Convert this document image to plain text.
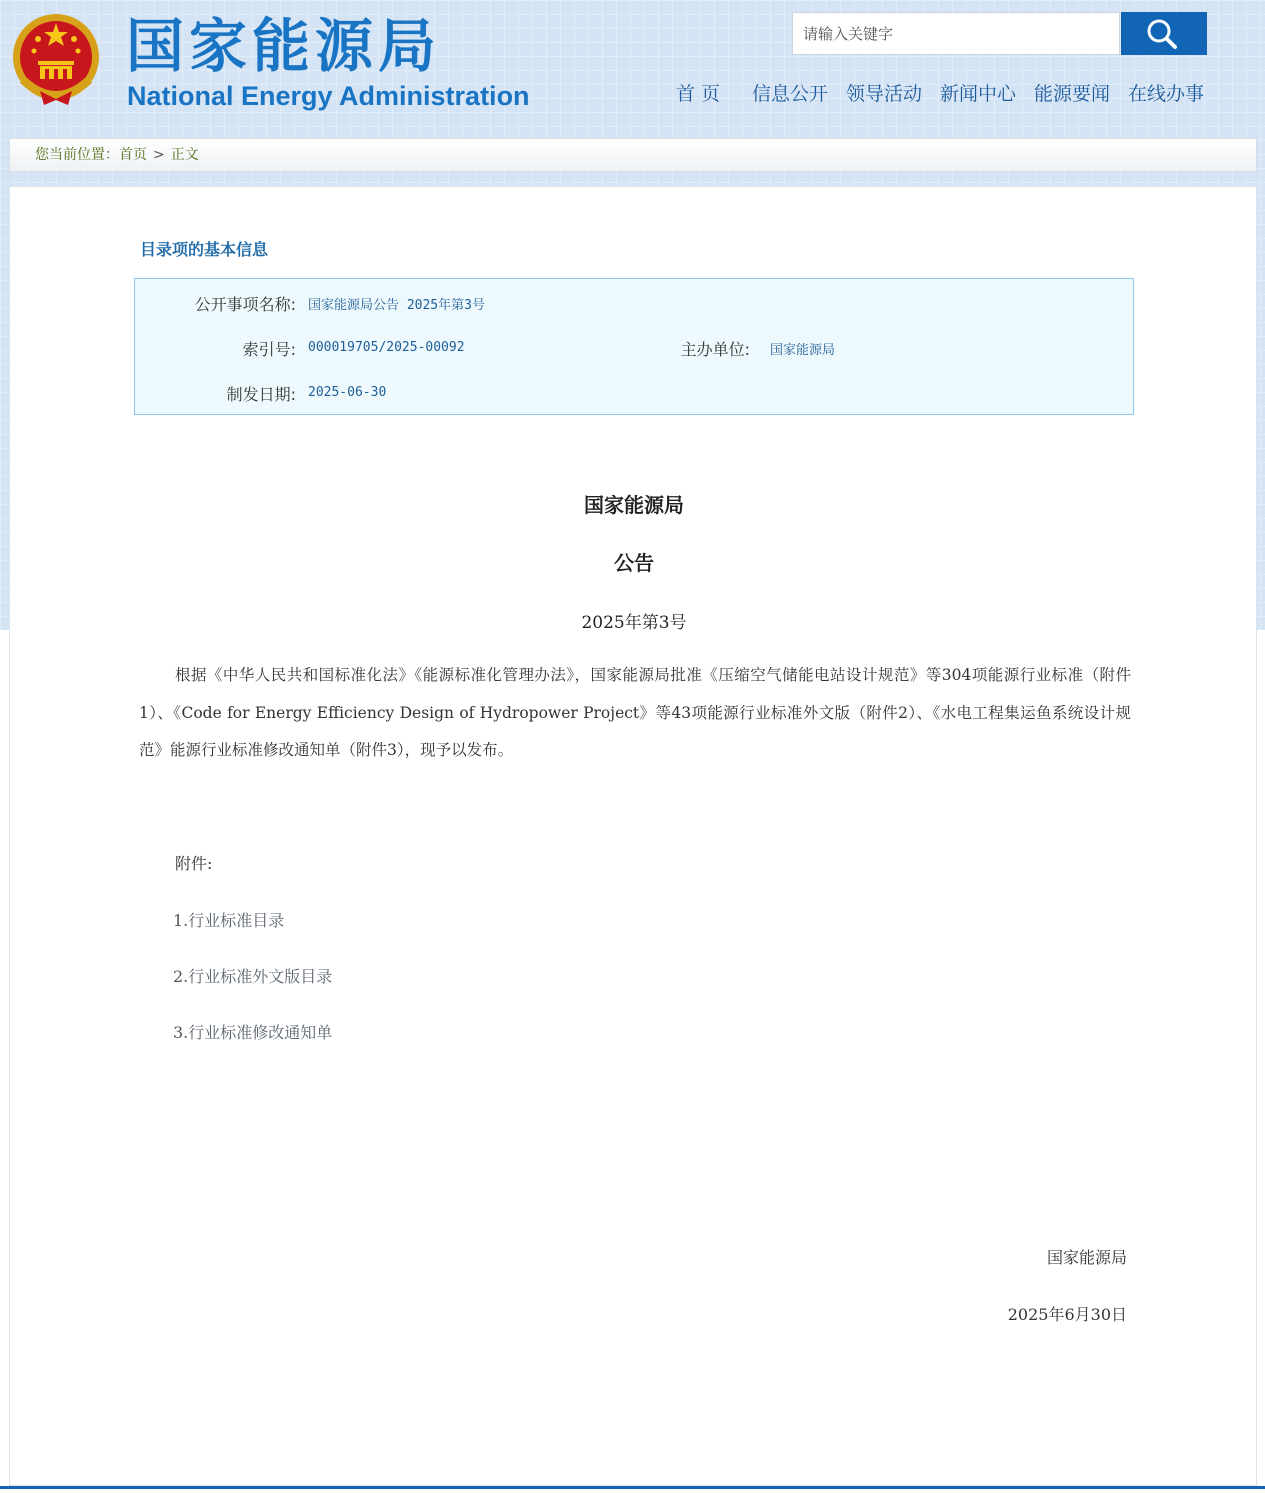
国家能源局
National Energy Administration
请输入关键字	首 页 信息公开 领导活动 新闻中心 能源要闻 在线办事
您当前位置：首页 > 正文
目录项的基本信息
公开事项名称: 国家能源局公告 2025年第3号
索引号: 000019705/2025-00092	主办单位: 国家能源局
制发日期: 2025-06-30
国家能源局
公告
2025年第3号
根据《中华人民共和国标准化法》《能源标准化管理办法》，国家能源局批准《压缩空气储能电站设计规范》等304项能源行业标准（附件1）、《Code for Energy Efficiency Design of Hydropower Project》等43项能源行业标准外文版（附件2）、《水电工程集运鱼系统设计规范》能源行业标准修改通知单（附件3），现予以发布。
附件:
1.行业标准目录
2.行业标准外文版目录
3.行业标准修改通知单
国家能源局
2025年6月30日
